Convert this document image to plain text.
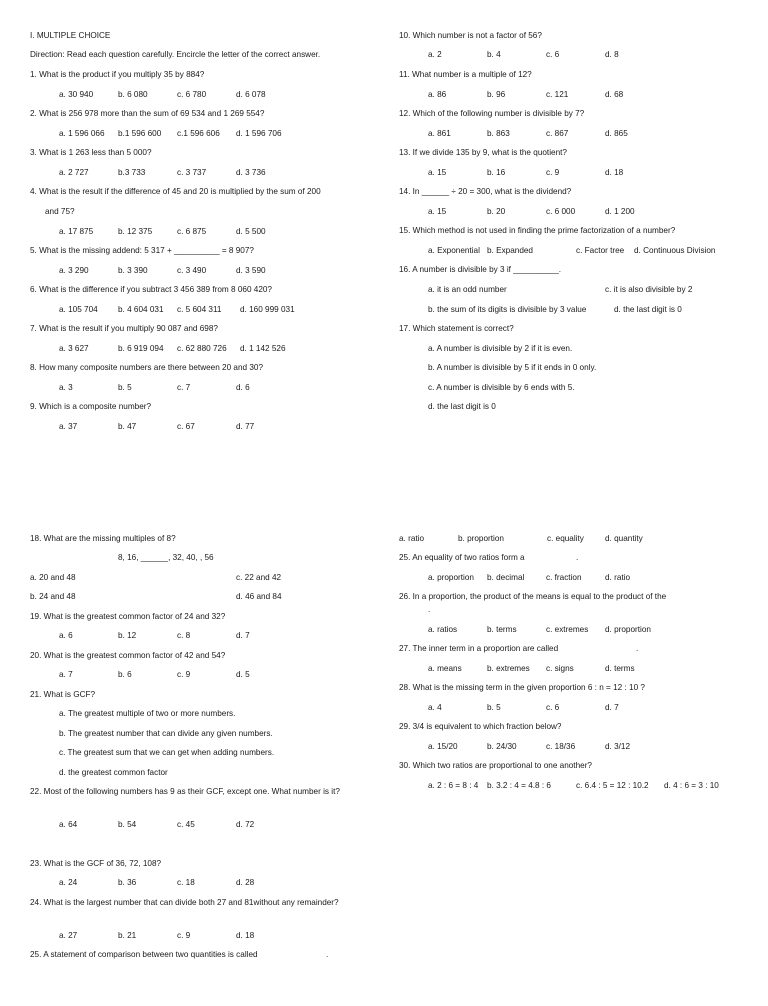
I. MULTIPLE CHOICE
Direction: Read each question carefully. Encircle the letter of the correct answer.
1. What is the product if you multiply 35 by 884?
a. 30 940	b. 6 080	c. 6 780	d. 6 078
2. What is 256 978 more than the sum of 69 534 and 1 269 554?
a. 1 596 066 b.1 596 600 c.1 596 606 d. 1 596 706
3. What is 1 263 less than 5 000?
a. 2 727	b.3 733	c. 3 737	d. 3 736
4. What is the result if the difference of 45 and 20 is multiplied by the sum of 200
and 75?
a. 17 875	b. 12 375	c. 6 875	d. 5 500
5. What is the missing addend: 5 317 + __________ = 8 907?
a. 3 290	b. 3 390	c. 3 490	d. 3 590
6. What is the difference if you subtract 3 456 389 from 8 060 420?
a. 105 704 b. 4 604 031 c. 5 604 311 d. 160 999 031
7. What is the result if you multiply 90 087 and 698?
a. 3 627	b. 6 919 094 c. 62 880 726 d. 1 142 526
8. How many composite numbers are there between 20 and 30?
a. 3	b. 5	c. 7	d. 6
9. Which is a composite number?
a. 37	b. 47	c. 67	d. 77
10. Which number is not a factor of 56?
a. 2	b. 4	c. 6	d. 8
11. What number is a multiple of 12?
a. 86	b. 96	c. 121	d. 68
12. Which of the following number is divisible by 7?
a. 861	b. 863	c. 867	d. 865
13. If we divide 135 by 9, what is the quotient?
a. 15	b. 16	c. 9	d. 18
14. In ______ ÷ 20 = 300, what is the dividend?
a. 15	b. 20	c. 6 000	d. 1 200
15. Which method is not used in finding the prime factorization of a number?
a. Exponential b. Expanded	c. Factor tree d. Continuous Division
16. A number is divisible by 3 if __________.
a. it is an odd number	c. it is also divisible by 2
b. the sum of its digits is divisible by 3 value	d. the last digit is 0
17. Which statement is correct?
a. A number is divisible by 2 if it is even.
b. A number is divisible by 5 if it ends in 0 only.
c. A number is divisible by 6 ends with 5.
d. the last digit is 0
18. What are the missing multiples of 8?
8, 16, ______, 32, 40, , 56
a. 20 and 48	c. 22 and 42
b. 24 and 48	d. 46 and 84
19. What is the greatest common factor of 24 and 32?
a. 6	b. 12	c. 8	d. 7
20. What is the greatest common factor of 42 and 54?
a. 7	b. 6	c. 9	d. 5
21. What is GCF?
a. The greatest multiple of two or more numbers.
b. The greatest number that can divide any given numbers.
c. The greatest sum that we can get when adding numbers.
d. the greatest common factor
22. Most of the following numbers has 9 as their GCF, except one. What number is it?
a. 64	b. 54	c. 45	d. 72
23. What is the GCF of 36, 72, 108?
a. 24	b. 36	c. 18	d. 28
24. What is the largest number that can divide both 27 and 81without any remainder?
a. 27	b. 21	c. 9	d. 18
25. A statement of comparison between two quantities is called	.
a. ratio	b. proportion	c. equality	d. quantity
25. An equality of two ratios form a	.
a. proportion b. decimal	c. fraction	d. ratio
26. In a proportion, the product of the means is equal to the product of the
.
a. ratios	b. terms	c. extremes d. proportion
27. The inner term in a proportion are called	.
a. means	b. extremes c. signs	d. terms
28. What is the missing term in the given proportion 6 : n = 12 : 10 ?
a. 4	b. 5	c. 6	d. 7
29. 3/4 is equivalent to which fraction below?
a. 15/20	b. 24/30	c. 18/36	d. 3/12
30. Which two ratios are proportional to one another?
a. 2 : 6 = 8 : 4 b. 3.2 : 4 = 4.8 : 6	c. 6.4 : 5 = 12 : 10.2 d. 4 : 6 = 3 : 10
